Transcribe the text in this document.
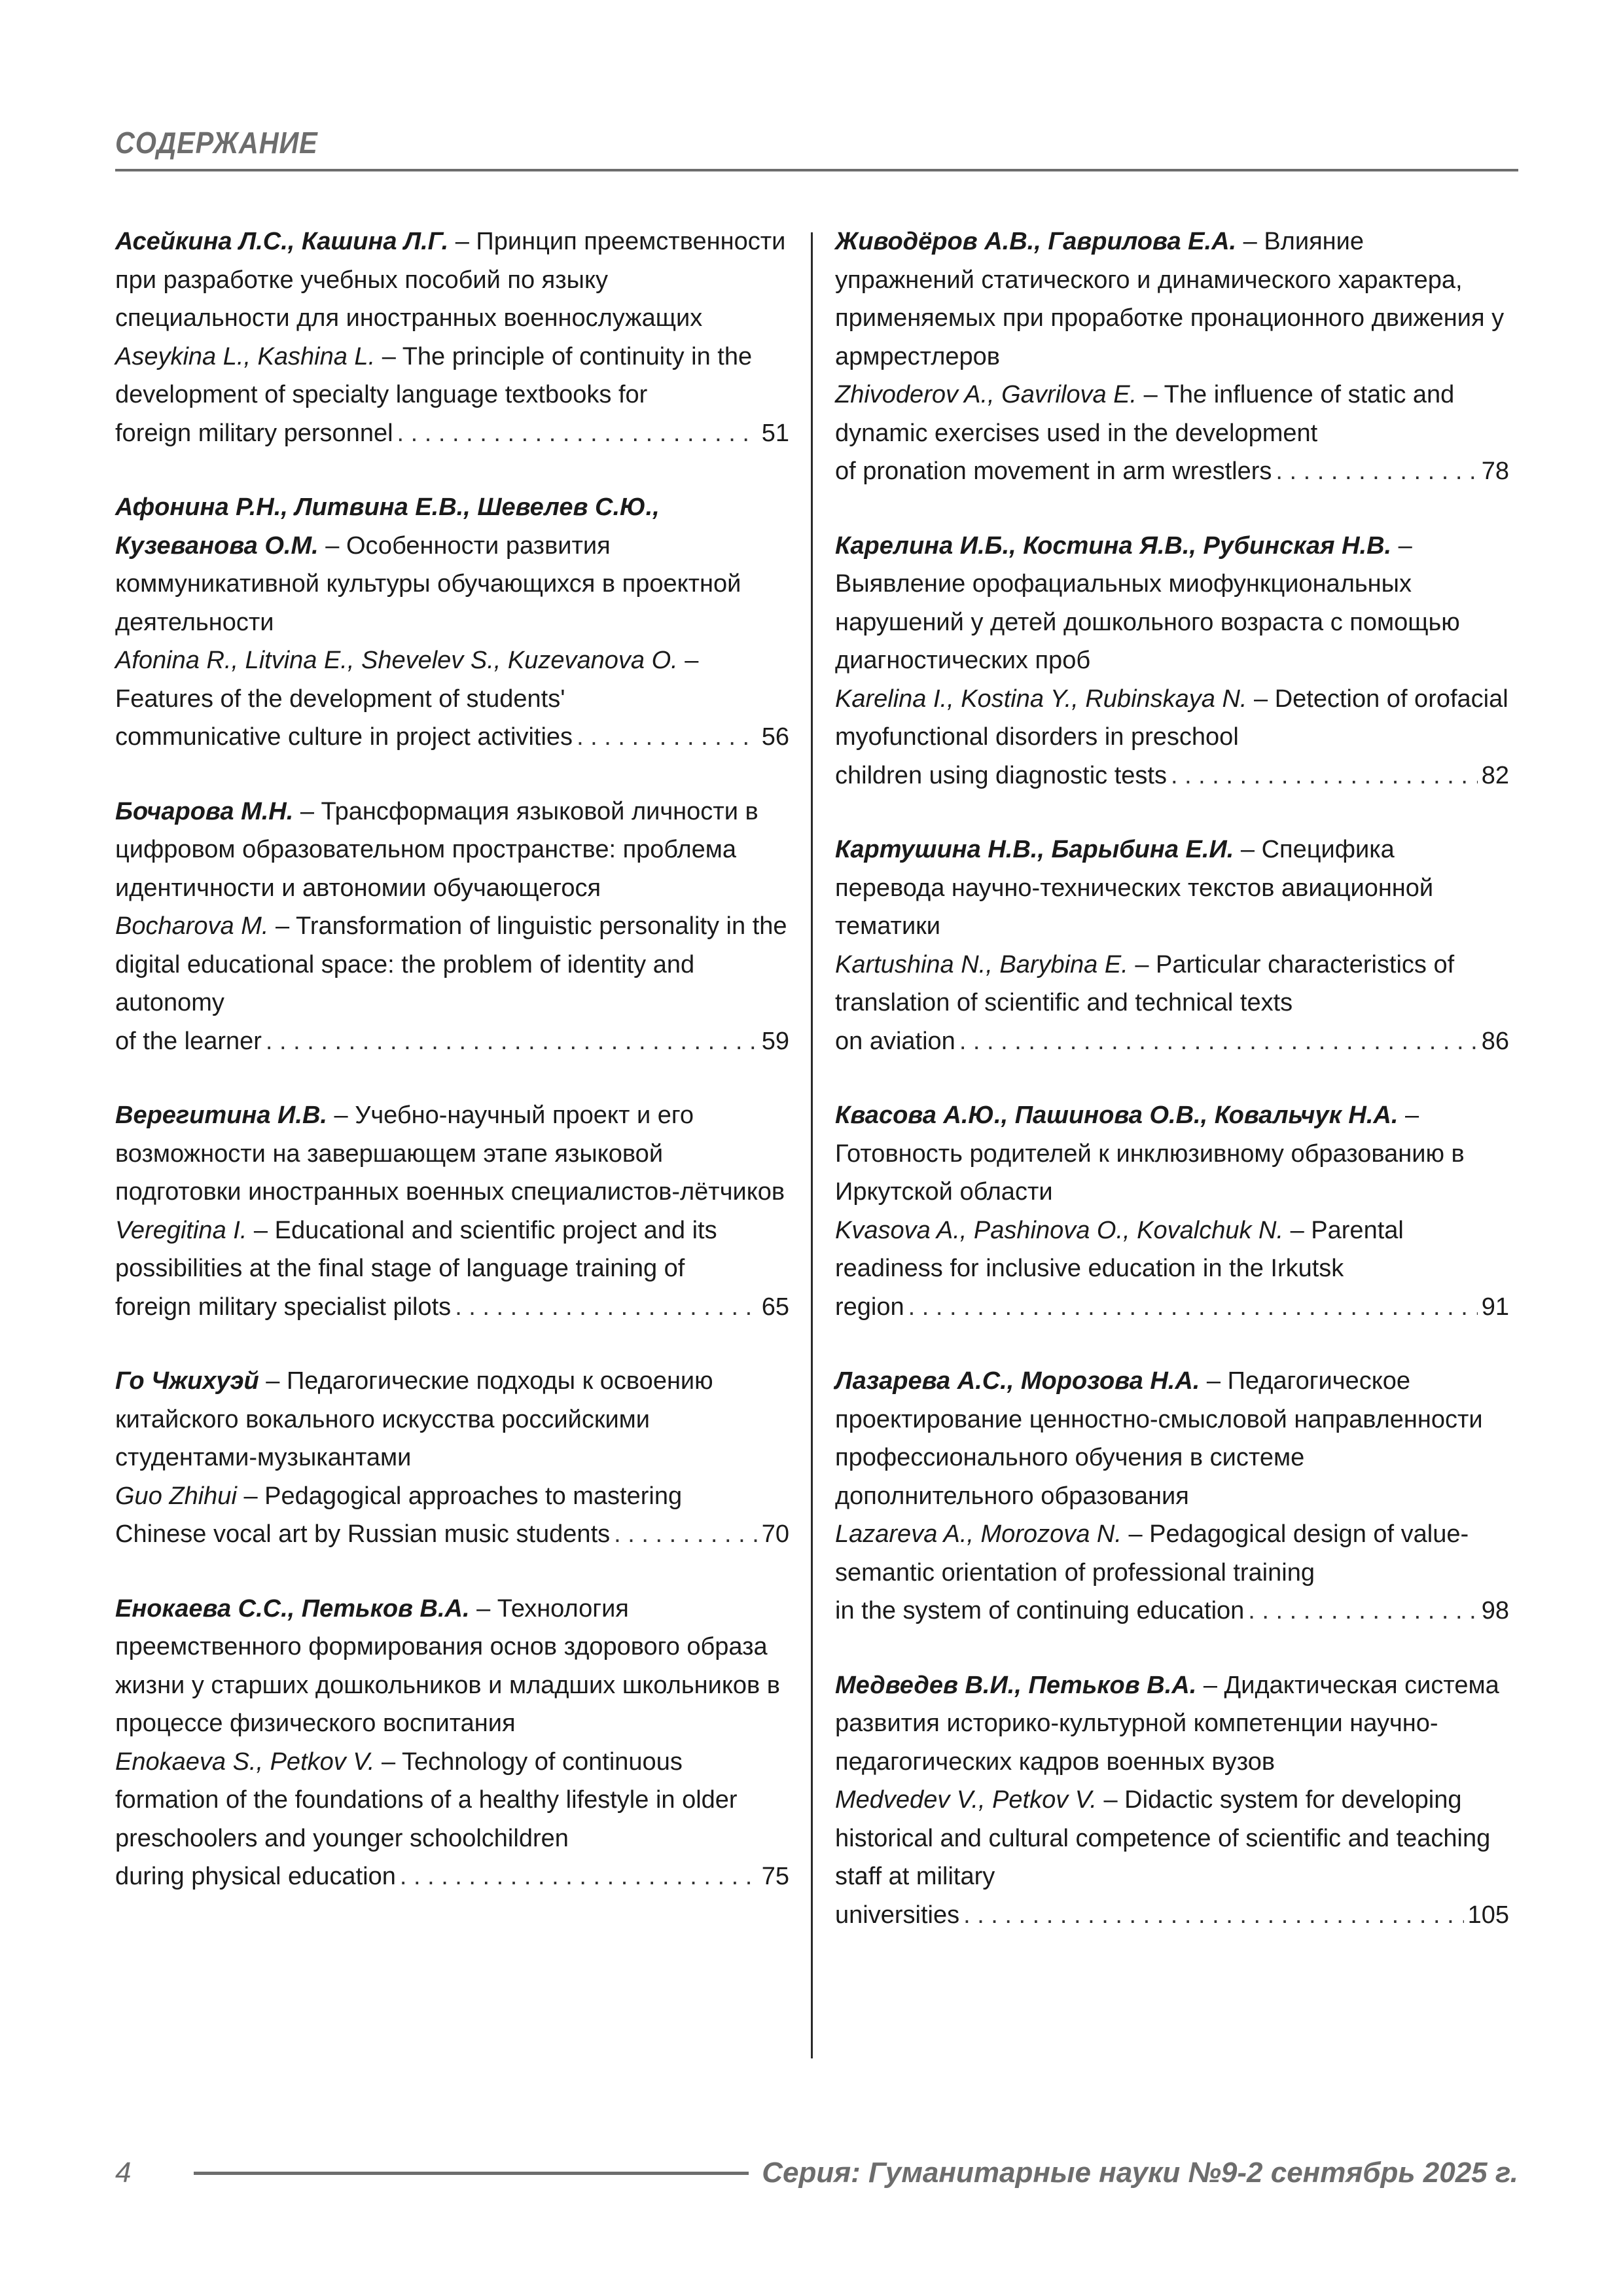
СОДЕРЖАНИЕ
Асейкина Л.С., Кашина Л.Г. – Принцип преемственности при разработке учебных пособий по языку специальности для иностранных военнослужащих
Aseykina L., Kashina L. – The principle of continuity in the development of specialty language textbooks for
foreign military personnel . . .	51
Афонина Р.Н., Литвина Е.В., Шевелев С.Ю., Кузеванова О.М. – Особенности развития коммуникативной культуры обучающихся в проектной деятельности
Afonina R., Litvina E., Shevelev S., Kuzevanova O. – Features of the development of students'
communicative culture in project activities . . .	56
Бочарова М.Н. – Трансформация языковой личности в цифровом образовательном пространстве: проблема идентичности и автономии обучающегося
Bocharova M. – Transformation of linguistic personality in the digital educational space: the problem of identity and autonomy
of the learner . . .	59
Верегитина И.В. – Учебно-научный проект и его возможности на завершающем этапе языковой подготовки иностранных военных специалистов-лётчиков
Veregitina I. – Educational and scientific project and its possibilities at the final stage of language training of
foreign military specialist pilots . . .	65
Го Чжихуэй – Педагогические подходы к освоению китайского вокального искусства российскими студентами-музыкантами
Guo Zhihui – Pedagogical approaches to mastering
Chinese vocal art by Russian music students . . .	70
Енокаева С.С., Петьков В.А. – Технология преемственного формирования основ здорового образа жизни у старших дошкольников и младших школьников в процессе физического воспитания
Enokaeva S., Petkov V. – Technology of continuous formation of the foundations of a healthy lifestyle in older preschoolers and younger schoolchildren
during physical education . . .	75
Живодёров А.В., Гаврилова Е.А. – Влияние упражнений статического и динамического характера, применяемых при проработке пронационного движения у армрестлеров
Zhivoderov A., Gavrilova E. – The influence of static and dynamic exercises used in the development
of pronation movement in arm wrestlers . . .	78
Карелина И.Б., Костина Я.В., Рубинская Н.В. – Выявление орофациальных миофункциональных нарушений у детей дошкольного возраста с помощью диагностических проб
Karelina I., Kostina Y., Rubinskaya N. – Detection of orofacial myofunctional disorders in preschool
children using diagnostic tests . . .	82
Картушина Н.В., Барыбина Е.И. – Специфика перевода научно-технических текстов авиационной тематики
Kartushina N., Barybina E. – Particular characteristics of translation of scientific and technical texts
on aviation . . .	86
Квасова А.Ю., Пашинова О.В., Ковальчук Н.А. – Готовность родителей к инклюзивному образованию в Иркутской области
Kvasova A., Pashinova O., Kovalchuk N. – Parental readiness for inclusive education in the Irkutsk
region . . .	91
Лазарева А.С., Морозова Н.А. – Педагогическое проектирование ценностно-смысловой направленности профессионального обучения в системе дополнительного образования
Lazareva A., Morozova N. – Pedagogical design of value-semantic orientation of professional training
in the system of continuing education . . .	98
Медведев В.И., Петьков В.А. – Дидактическая система развития историко-культурной компетенции научно-педагогических кадров военных вузов
Medvedev V., Petkov V. – Didactic system for developing historical and cultural competence of scientific and teaching staff at military
universities . . .	105
4	Серия: Гуманитарные науки №9-2 сентябрь 2025 г.
